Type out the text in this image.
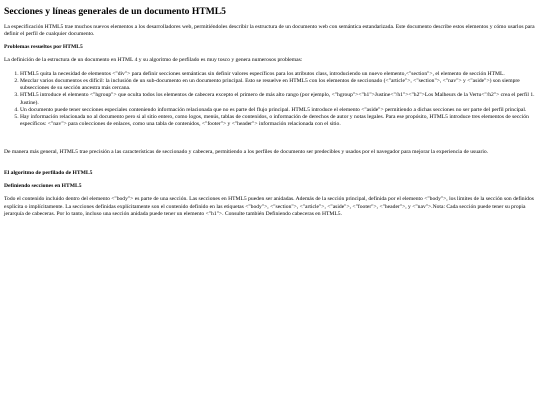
Secciones y líneas generales de un documento HTML5

La especificación HTML5 trae muchos nuevos elementos a los desarrolladores web, permitiéndoles describir la estructura de un documento web con semántica estandarizada. Este documento describe estos elementos y cómo usarlos para definir el perfil de cualquier documento.

Problemas resueltos por HTML5

La definición de la estructura de un documento en HTML 4 y su algoritmo de perfilado es muy tosco y genera numerosos problemas:

1. HTML5 quita la necesidad de elementos <"div"> para definir secciones semánticas sin definir valores específicos para los atributos class, introduciendo un nuevo elemento,<"section">, el elemento de sección HTML.
2. Mezclar varios documentos es difícil: la inclusión de un sub-documento en un documento principal. Esto se resuelve en HTML5 con los elementos de seccionado (<"article">, <"section">, <"nav"> y <"aside">) son siempre subsecciones de su sección ancestra más cercana.
3. HTML5 introduce el elemento <"hgroup"> que oculta todos los elementos de cabecera excepto el primero de más alto rango (por ejemplo, <"hgroup"><"h1">Justine<"/h1"><"h2">Los Malheurs de la Vertu<"/h2"> crea el perfil 1. Justine).
4. Un documento puede tener secciones especiales conteniendo información relacionada que no es parte del flujo principal. HTML5 introduce el elemento <"aside"> permitiendo a dichas secciones no ser parte del perfil principal.
5. Hay información relacionada no al documento pero si al sitio entero, como logos, menús, tablas de contenidos, o información de derechos de autor y notas legales. Para ese propósito, HTML5 introduce tres elementos de sección específicos: <"nav"> para colecciones de enlaces, como una tabla de contenidos, <"footer"> y <"header"> información relacionada con el sitio.

De manera más general, HTML5 trae precisión a las características de seccionado y cabecera, permitiendo a los perfiles de documento ser predecibles y usados por el navegador para mejorar la experiencia de usuario.

El algoritmo de perfilado de HTML5
Definiendo secciones en HTML5

Todo el contenido incluido dentro del elemento <"body"> es parte de una sección. Las secciones en HTML5 pueden ser anidadas. Además de la sección principal, definida por el elemento <"body">, los límites de la sección son definidos explícita o implícitamente. La secciones definidas explícitamente son el contenido definido en las etiquetas <"body">, <"section">, <"article">, <"aside">, <"footer">, <"header">, y <"nav">.Nota: Cada sección puede tener su propia jerarquía de cabeceras. Por lo tanto, incluso una sección anidada puede tener un elemento <"h1">. Consulte también Definiendo cabeceras en HTML5.
